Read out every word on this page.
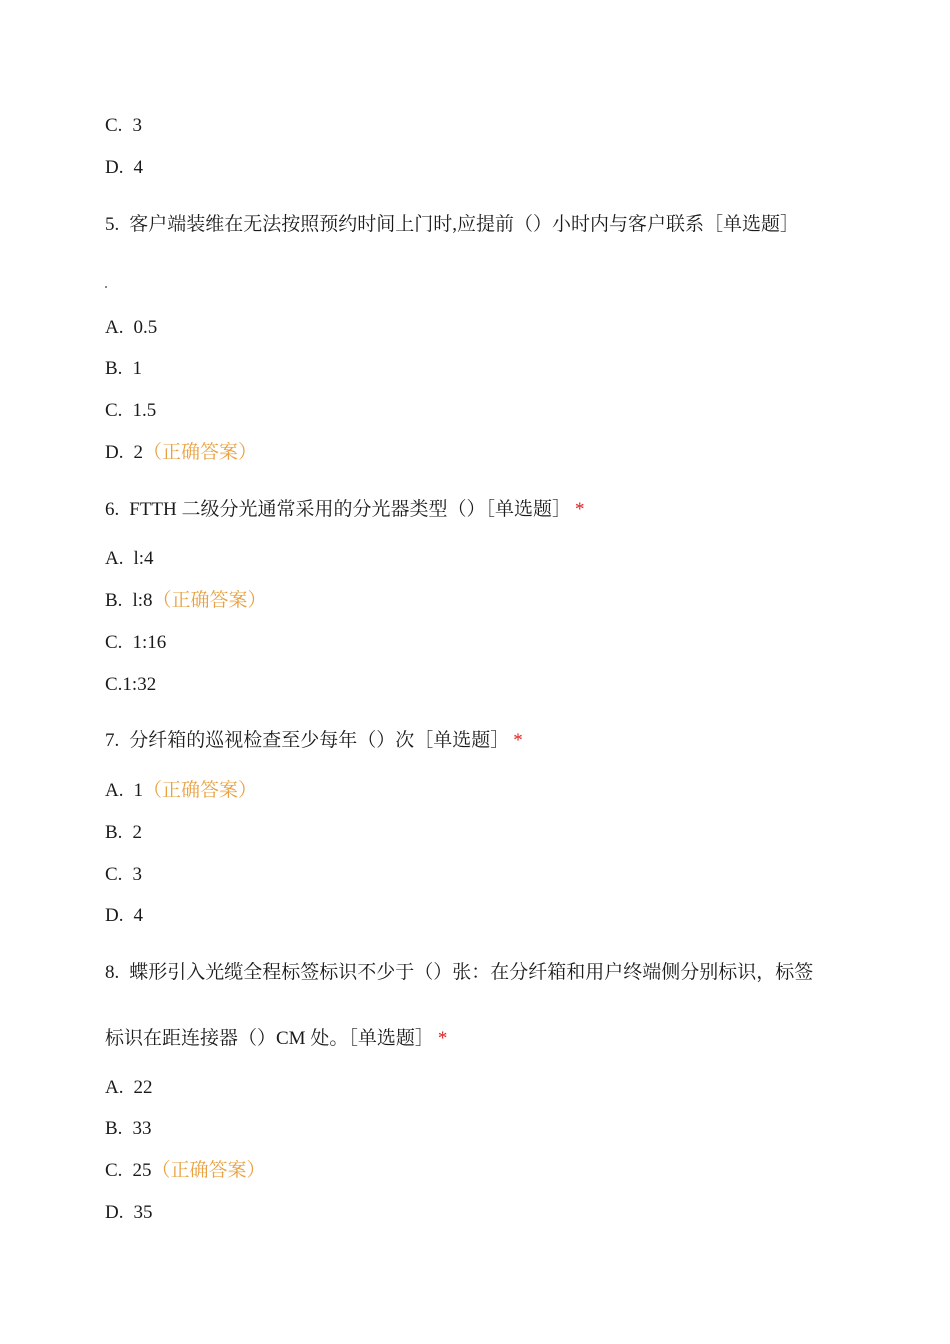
C. 3
D. 4
5. 客户端装维在无法按照预约时间上门时,应提前（）小时内与客户联系［单选题］
A. 0.5
B. 1
C. 1.5
D. 2（正确答案）
6. FTTH 二级分光通常采用的分光器类型（）［单选题］ *
A. l:4
B. l:8（正确答案）
C. 1:16
C.1:32
7. 分纤箱的巡视检查至少每年（）次［单选题］ *
A. 1（正确答案）
B. 2
C. 3
D. 4
8. 蝶形引入光缆全程标签标识不少于（）张：在分纤箱和用户终端侧分别标识，标签
标识在距连接器（）CM 处。［单选题］ *
A. 22
B. 33
C. 25（正确答案）
D. 35
